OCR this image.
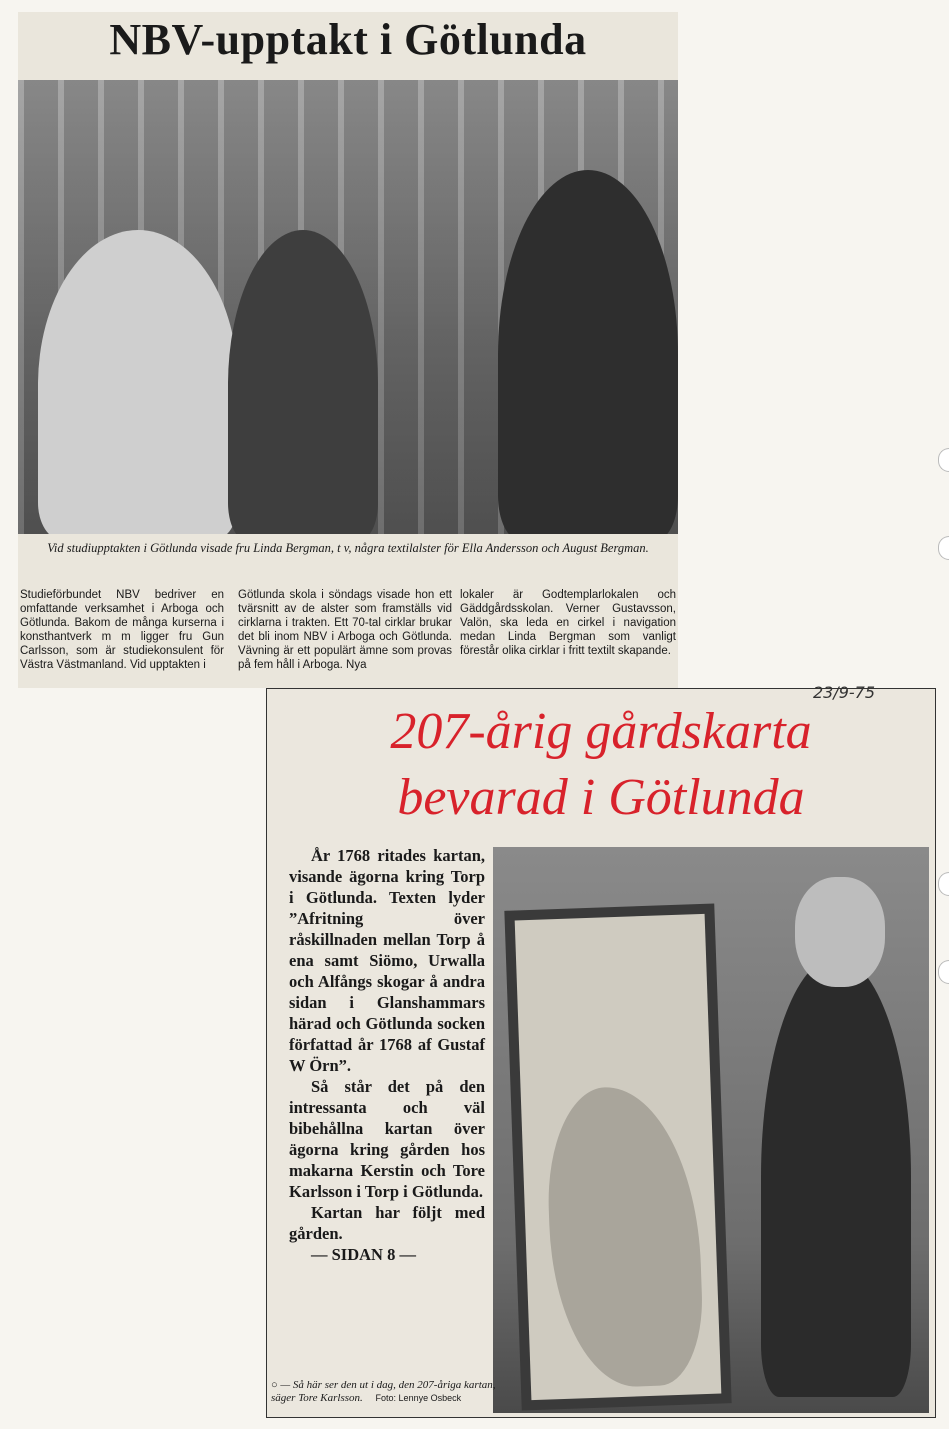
NBV-upptakt i Götlunda
Vid studiupptakten i Götlunda visade fru Linda Bergman, t v, några textilalster för Ella Andersson och August Bergman.
Studieförbundet NBV bedriver en omfattande verksamhet i Arboga och Götlunda. Bakom de många kurserna i konsthantverk m m ligger fru Gun Carlsson, som är studiekonsulent för Västra Västmanland. Vid upptakten i
Götlunda skola i söndags visade hon ett tvärsnitt av de alster som framställs vid cirklarna i trakten. Ett 70-tal cirklar brukar det bli inom NBV i Arboga och Götlunda. Vävning är ett populärt ämne som provas på fem håll i Arboga. Nya
lokaler är Godtemplarlokalen och Gäddgårdsskolan. Verner Gustavsson, Valön, ska leda en cirkel i navigation medan Linda Bergman som vanligt förestår olika cirklar i fritt textilt skapande.
23/9-75
207-årig gårdskarta
bevarad i Götlunda

År 1768 ritades kartan, visande ägorna kring Torp i Götlunda. Texten lyder ”Afritning över råskillnaden mellan Torp å ena samt Siömo, Urwalla och Alfångs skogar å andra sidan i Glanshammars härad och Götlunda socken författad år 1768 af Gustaf W Örn”.

Så står det på den intressanta och väl bibehållna kartan över ägorna kring gården hos makarna Kerstin och Tore Karlsson i Torp i Götlunda.

Kartan har följt med gården.

— SIDAN 8 —

○ — Så här ser den ut i dag, den 207-åriga kartan, säger Tore Karlsson. Foto: Lennye Osbeck
